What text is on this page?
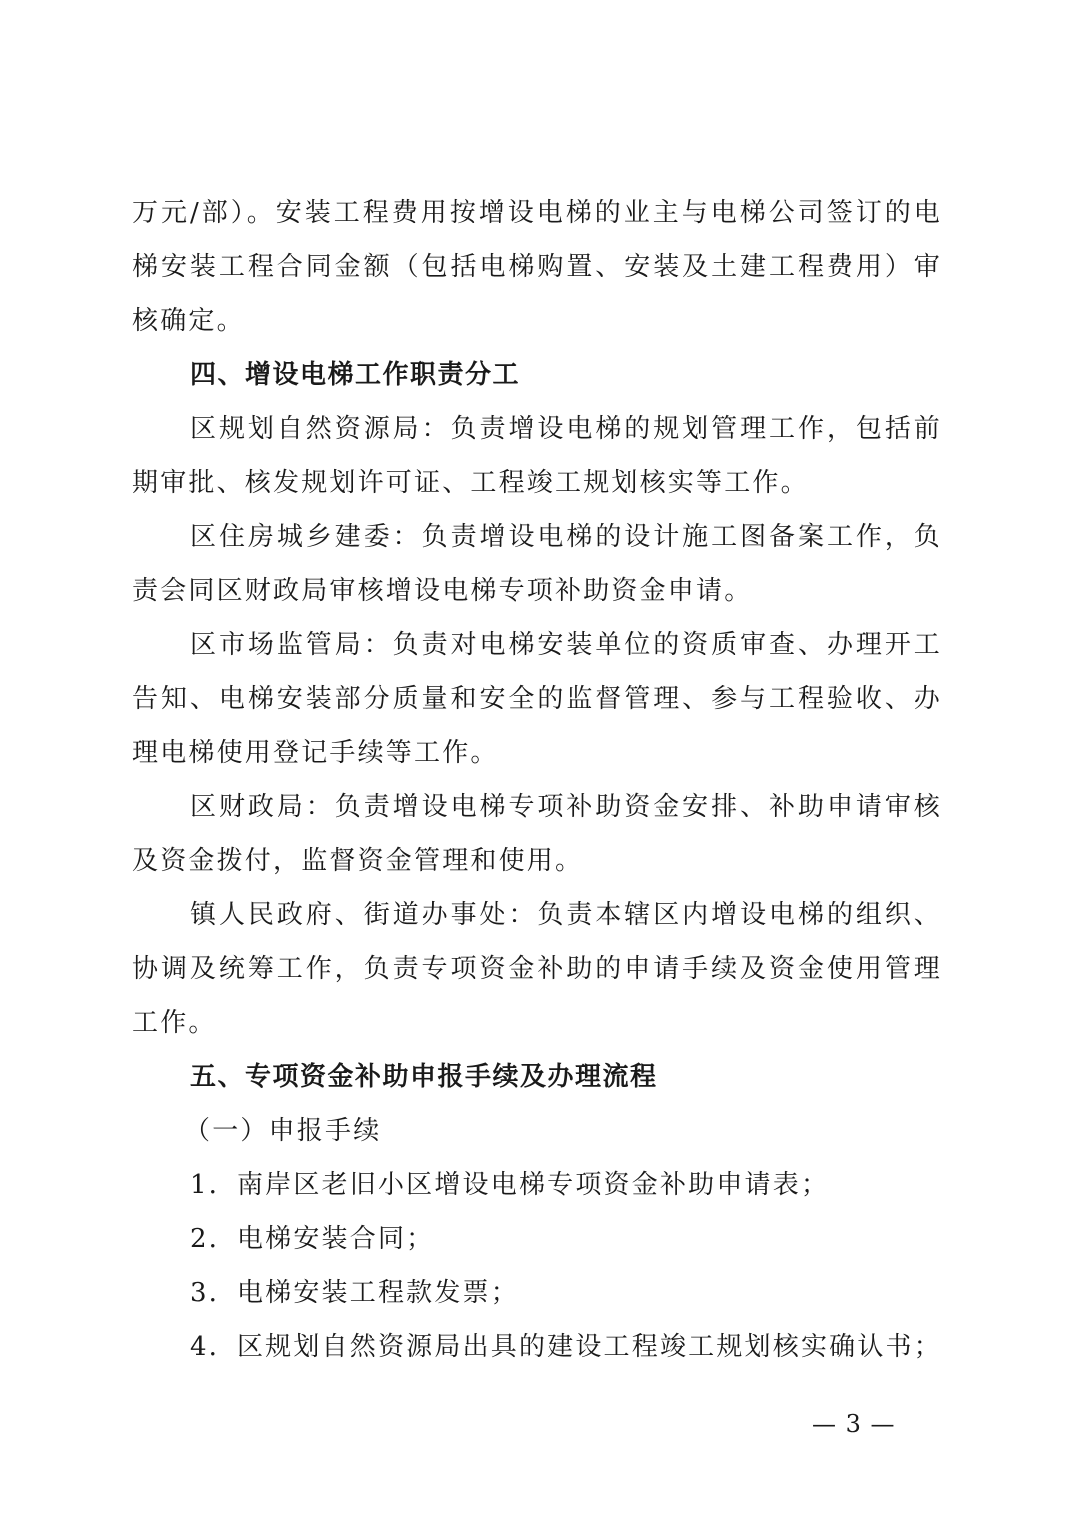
万元/部）。安装工程费用按增设电梯的业主与电梯公司签订的电梯安装工程合同金额（包括电梯购置、安装及土建工程费用）审核确定。

四、增设电梯工作职责分工

区规划自然资源局：负责增设电梯的规划管理工作，包括前期审批、核发规划许可证、工程竣工规划核实等工作。

区住房城乡建委：负责增设电梯的设计施工图备案工作，负责会同区财政局审核增设电梯专项补助资金申请。

区市场监管局：负责对电梯安装单位的资质审查、办理开工告知、电梯安装部分质量和安全的监督管理、参与工程验收、办理电梯使用登记手续等工作。

区财政局：负责增设电梯专项补助资金安排、补助申请审核及资金拨付，监督资金管理和使用。

镇人民政府、街道办事处：负责本辖区内增设电梯的组织、协调及统筹工作，负责专项资金补助的申请手续及资金使用管理工作。

五、专项资金补助申报手续及办理流程

（一）申报手续

1．南岸区老旧小区增设电梯专项资金补助申请表；

2．电梯安装合同；

3．电梯安装工程款发票；

4．区规划自然资源局出具的建设工程竣工规划核实确认书；

— 3 —
